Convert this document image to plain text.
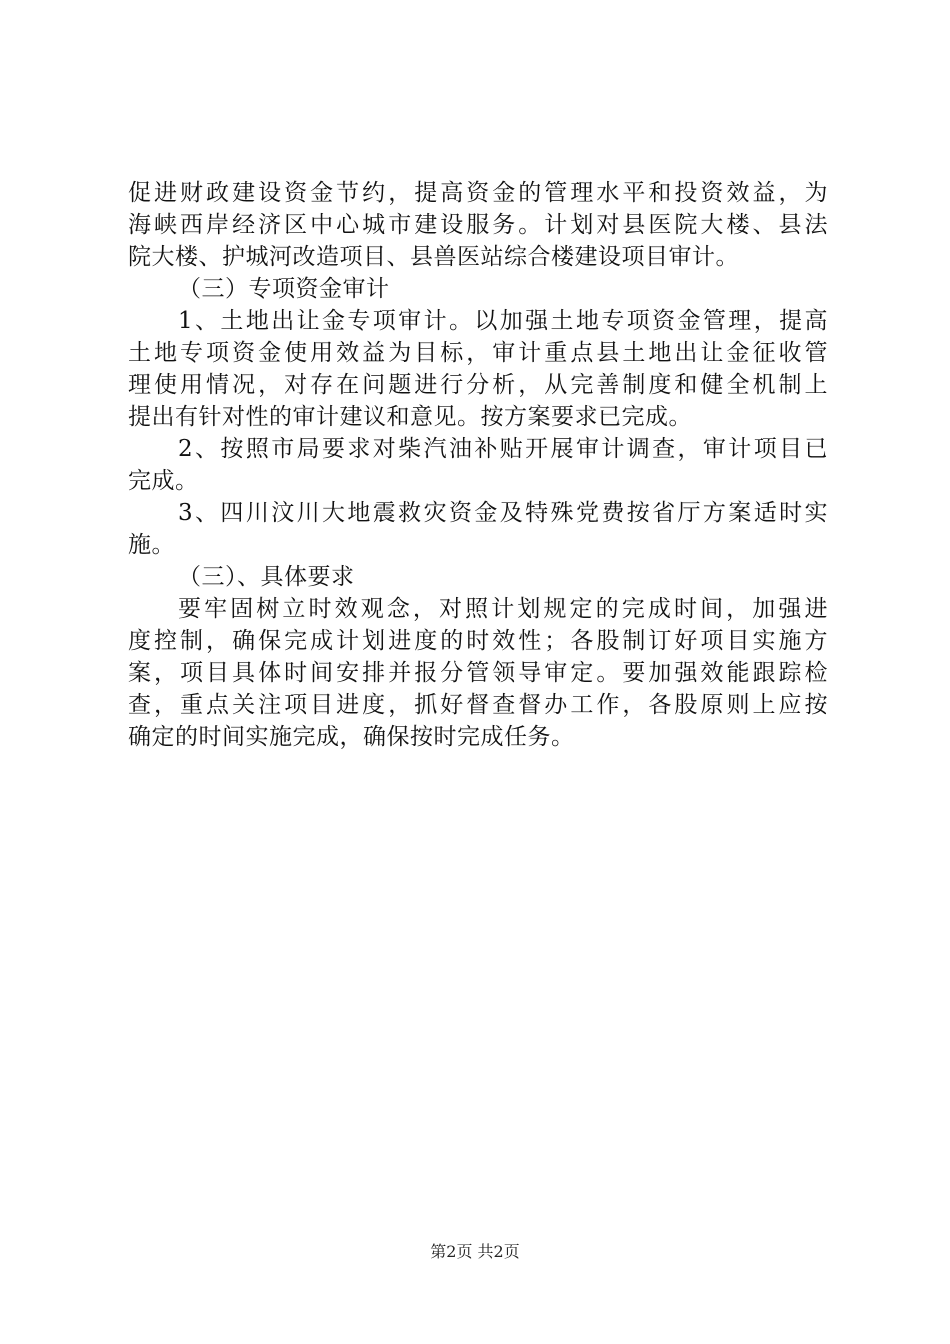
促进财政建设资金节约，提高资金的管理水平和投资效益，为
海峡西岸经济区中心城市建设服务。计划对县医院大楼、县法
院大楼、护城河改造项目、县兽医站综合楼建设项目审计。
（三）专项资金审计
1、土地出让金专项审计。以加强土地专项资金管理，提高
土地专项资金使用效益为目标，审计重点县土地出让金征收管
理使用情况，对存在问题进行分析，从完善制度和健全机制上
提出有针对性的审计建议和意见。按方案要求已完成。
2、按照市局要求对柴汽油补贴开展审计调查，审计项目已
完成。
3、四川汶川大地震救灾资金及特殊党费按省厅方案适时实
施。
（三）、具体要求
要牢固树立时效观念，对照计划规定的完成时间，加强进
度控制，确保完成计划进度的时效性；各股制订好项目实施方
案，项目具体时间安排并报分管领导审定。要加强效能跟踪检
查，重点关注项目进度，抓好督查督办工作，各股原则上应按
确定的时间实施完成，确保按时完成任务。
第2页 共2页
